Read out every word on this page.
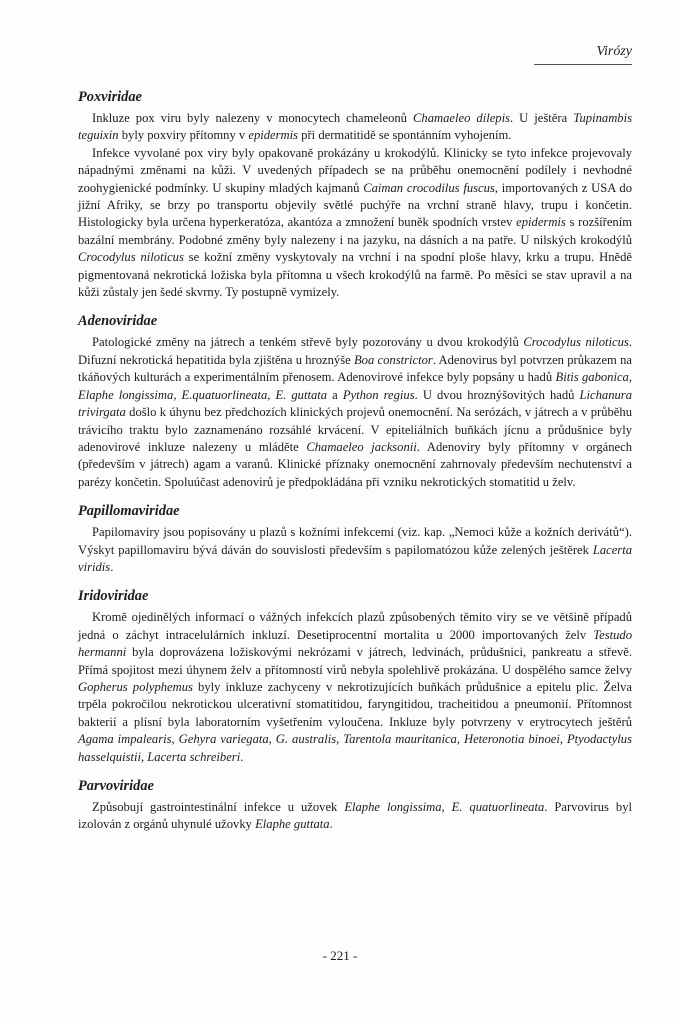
Virózy
Poxviridae

Inkluze pox viru byly nalezeny v monocytech chameleonů Chamaeleo dilepis. U ještěra Tupinambis teguixin byly poxviry přítomny v epidermis při dermatitidě se spontánním vyhojením.

Infekce vyvolané pox viry byly opakovaně prokázány u krokodýlů. Klinicky se tyto infekce projevovaly nápadnými změnami na kůži. V uvedených případech se na průběhu onemocnění podílely i nevhodné zoohygienické podmínky. U skupiny mladých kajmanů Caiman crocodilus fuscus, importovaných z USA do jižní Afriky, se brzy po transportu objevily světlé puchýře na vrchní straně hlavy, trupu i končetin. Histologicky byla určena hyperkeratóza, akantóza a zmnožení buněk spodních vrstev epidermis s rozšířením bazální membrány. Podobné změny byly nalezeny i na jazyku, na dásních a na patře. U nilských krokodýlů Crocodylus niloticus se kožní změny vyskytovaly na vrchní i na spodní ploše hlavy, krku a trupu. Hnědě pigmentovaná nekrotická ložiska byla přítomna u všech krokodýlů na farmě. Po měsíci se stav upravil a na kůži zůstaly jen šedé skvrny. Ty postupně vymizely.

Adenoviridae

Patologické změny na játrech a tenkém střevě byly pozorovány u dvou krokodýlů Crocodylus niloticus. Difuzní nekrotická hepatitida byla zjištěna u hroznýše Boa constrictor. Adenovirus byl potvrzen průkazem na tkáňových kulturách a experimentálním přenosem. Adenovirové infekce byly popsány u hadů Bitis gabonica, Elaphe longissima, E.quatuorlineata, E. guttata a Python regius. U dvou hroznýšovitých hadů Lichanura trivirgata došlo k úhynu bez předchozích klinických projevů onemocnění. Na serózách, v játrech a v průběhu trávicího traktu bylo zaznamenáno rozsáhlé krvácení. V epiteliálních buňkách jícnu a průdušnice byly adenovirové inkluze nalezeny u mláděte Chamaeleo jacksonii. Adenoviry byly přítomny v orgánech (především v játrech) agam a varanů. Klinické příznaky onemocnění zahrnovaly především nechutenství a parézy končetin. Spoluúčast adenovirů je předpokládána při vzniku nekrotických stomatitid u želv.

Papillomaviridae

Papilomaviry jsou popisovány u plazů s kožními infekcemi (viz. kap. „Nemoci kůže a kožních derivátů“). Výskyt papillomaviru bývá dáván do souvislosti především s papilomatózou kůže zelených ještěrek Lacerta viridis.

Iridoviridae

Kromě ojedinělých informací o vážných infekcích plazů způsobených těmito viry se ve většině případů jedná o záchyt intracelulárních inkluzí. Desetiprocentní mortalita u 2000 importovaných želv Testudo hermanni byla doprovázena ložiskovými nekrózami v játrech, ledvinách, průdušnici, pankreatu a střevě. Přímá spojitost mezi úhynem želv a přítomností virů nebyla spolehlivě prokázána. U dospělého samce želvy Gopherus polyphemus byly inkluze zachyceny v nekrotizujících buňkách průdušnice a epitelu plic. Želva trpěla pokročilou nekrotickou ulcerativní stomatitidou, faryngitidou, tracheitidou a pneumonií. Přítomnost bakterií a plísní byla laboratorním vyšetřením vyloučena. Inkluze byly potvrzeny v erytrocytech ještěrů Agama impalearis, Gehyra variegata, G. australis, Tarentola mauritanica, Heteronotia binoei, Ptyodactylus hasselquistii, Lacerta schreiberi.

Parvoviridae

Způsobují gastrointestinální infekce u užovek Elaphe longissima, E. quatuorlineata. Parvovirus byl izolován z orgánů uhynulé užovky Elaphe guttata.

- 221 -
